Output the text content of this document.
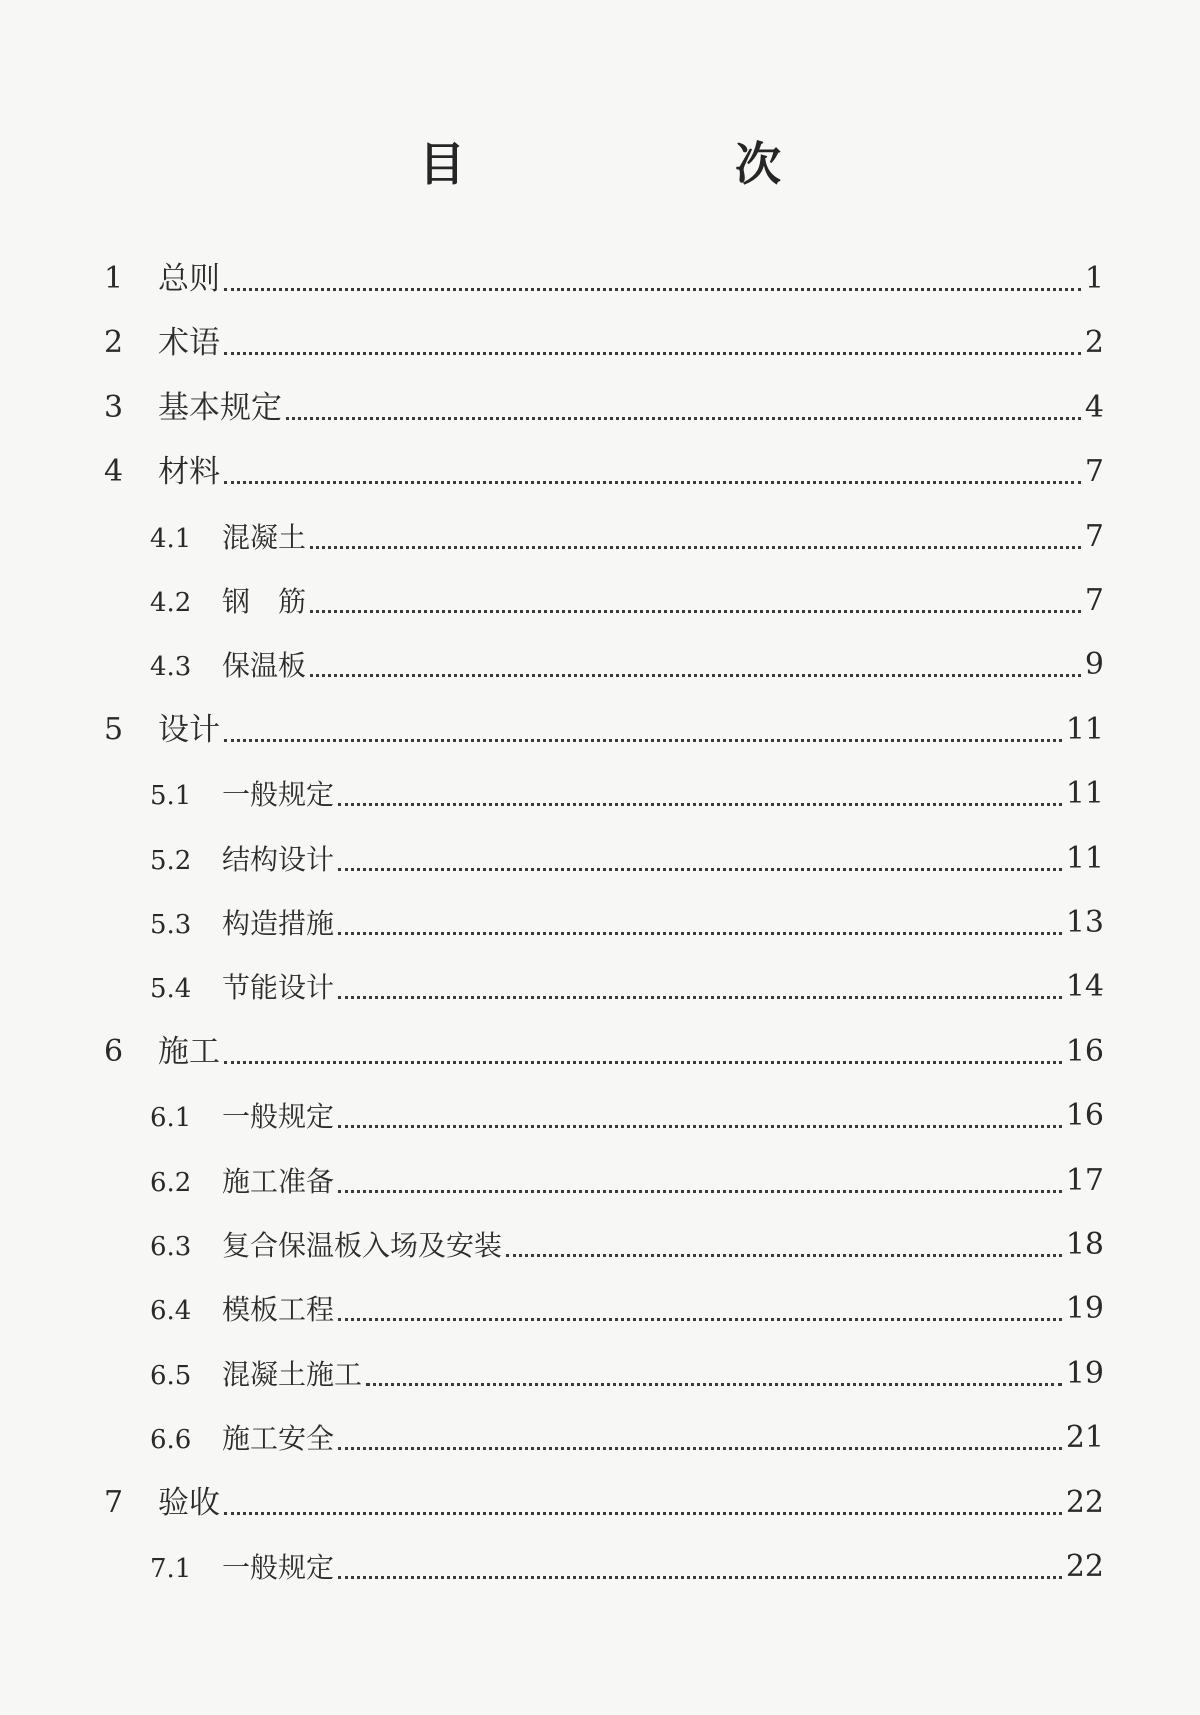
目　次
1 总则	1
2 术语	2
3 基本规定	4
4 材料	7
4.1 混凝土	7
4.2 钢　筋	7
4.3 保温板	9
5 设计	11
5.1 一般规定	11
5.2 结构设计	11
5.3 构造措施	13
5.4 节能设计	14
6 施工	16
6.1 一般规定	16
6.2 施工准备	17
6.3 复合保温板入场及安装	18
6.4 模板工程	19
6.5 混凝土施工	19
6.6 施工安全	21
7 验收	22
7.1 一般规定	22
